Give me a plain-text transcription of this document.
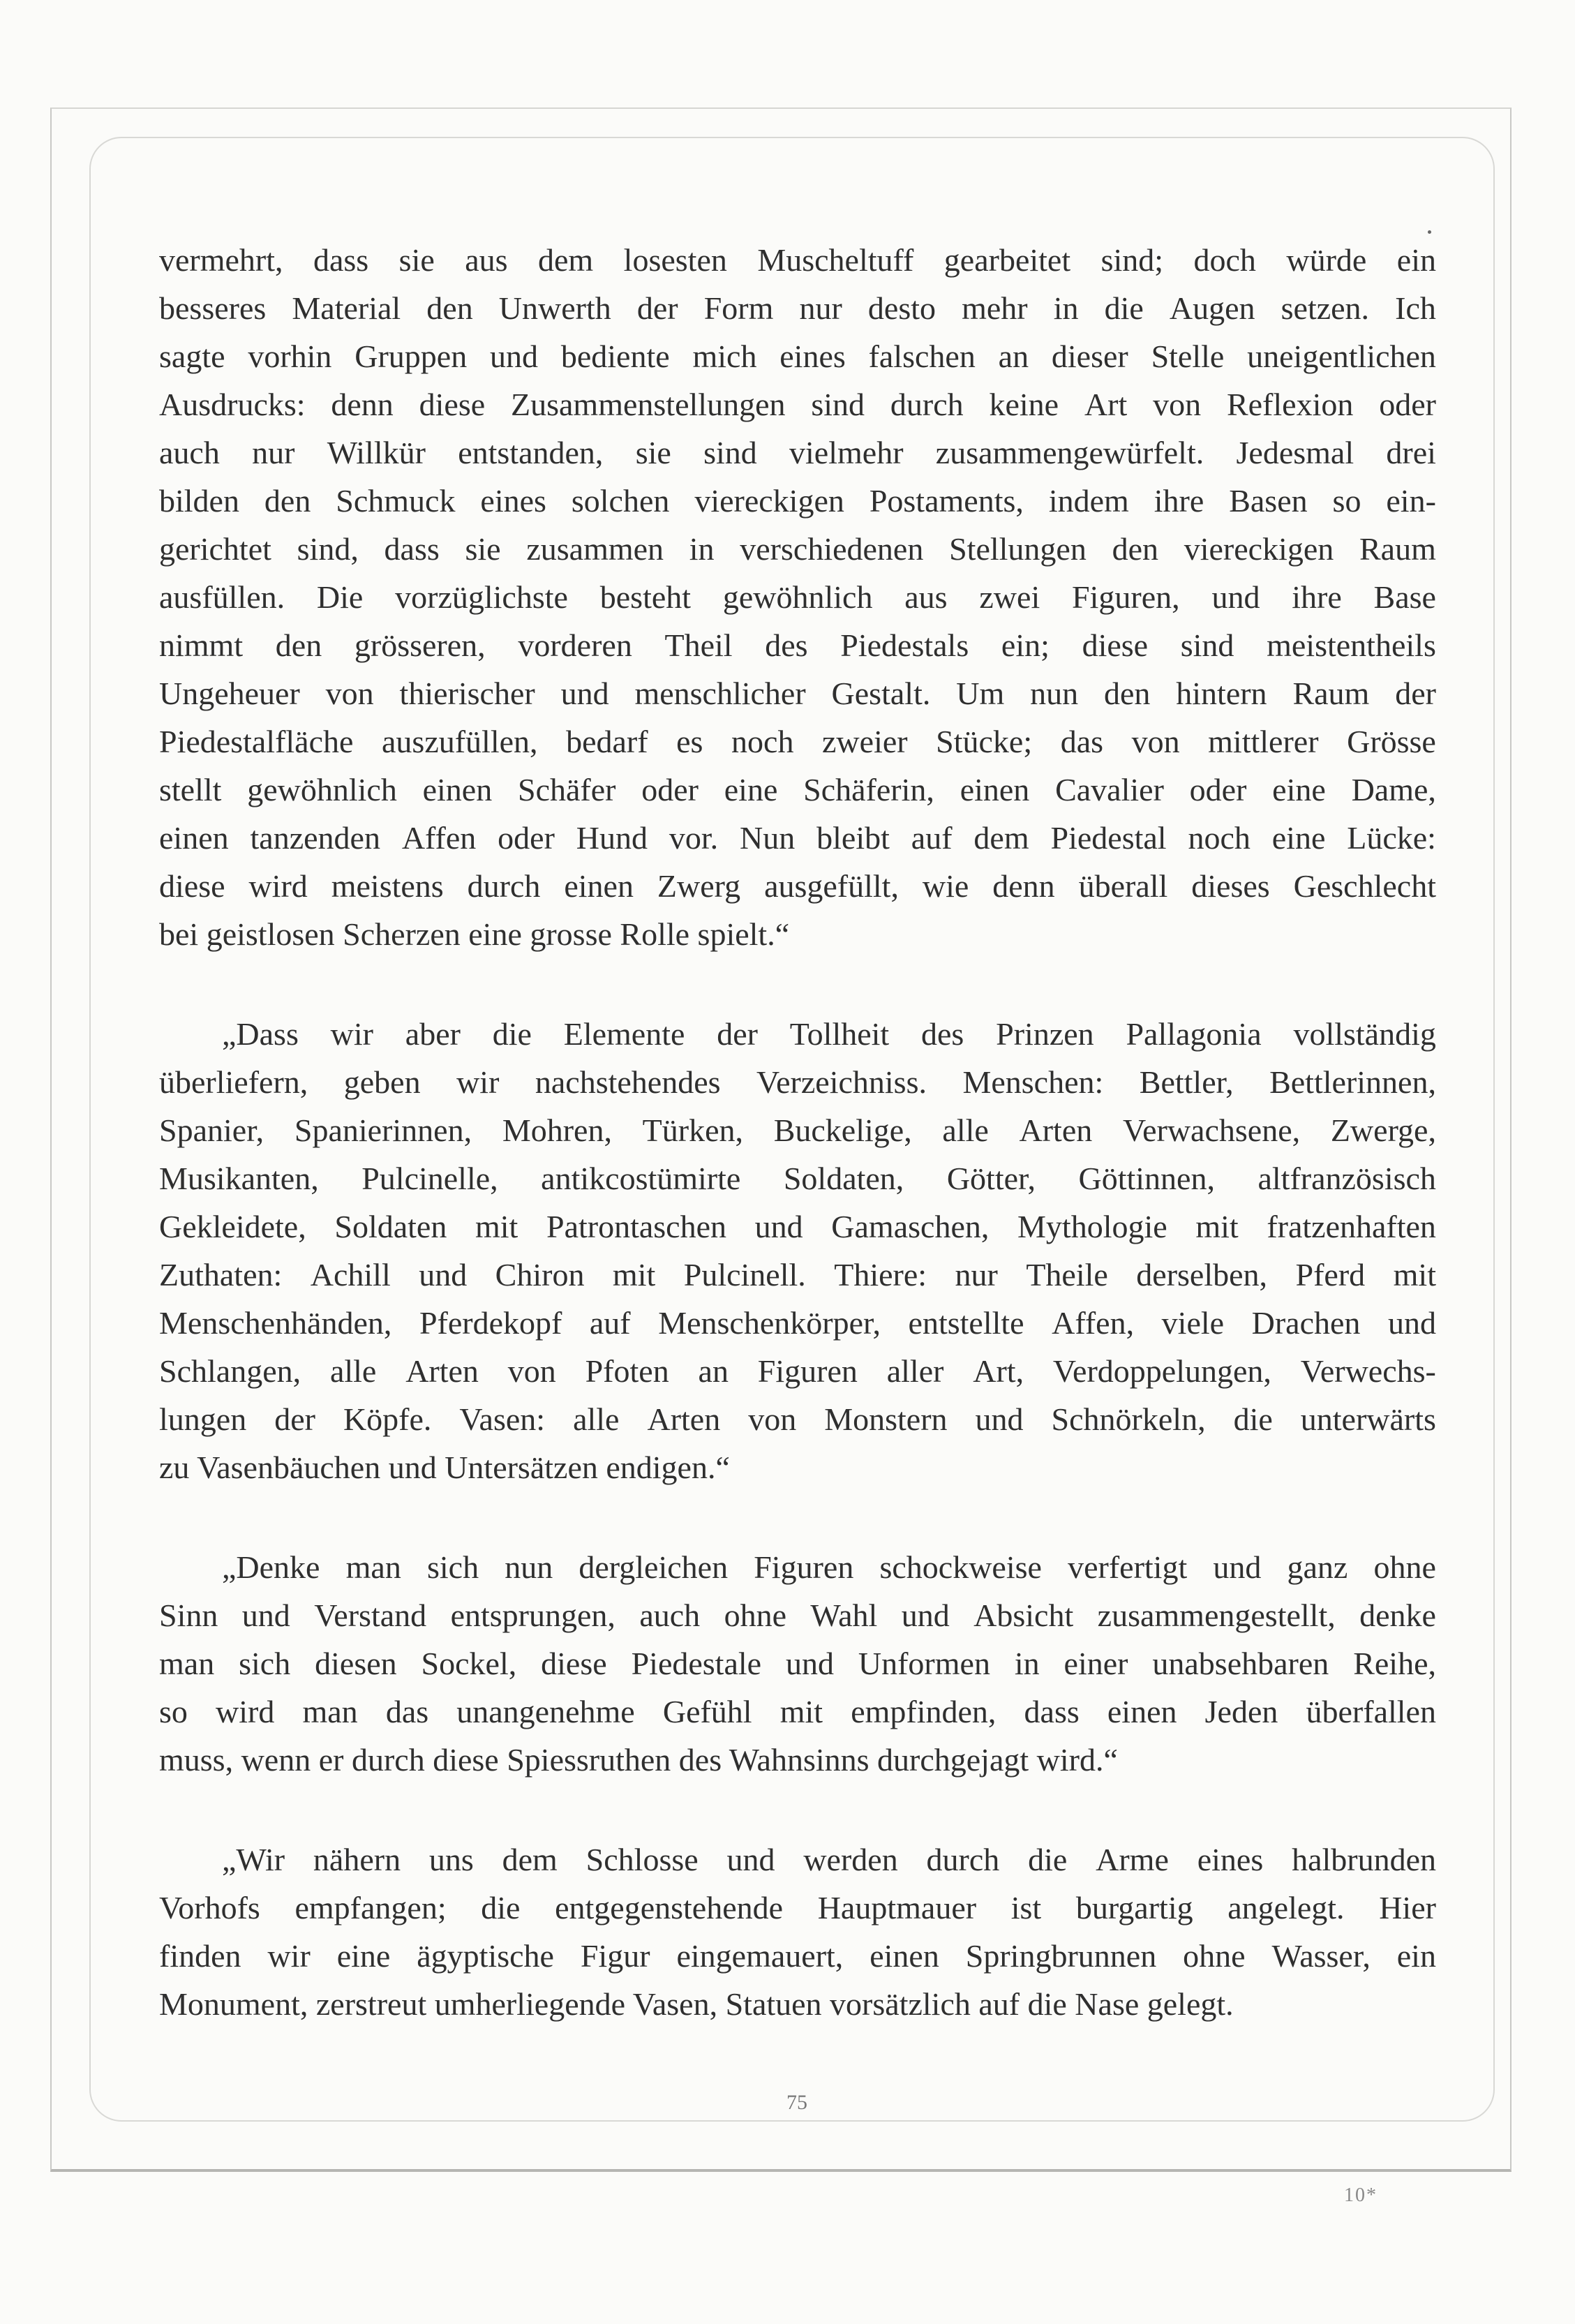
vermehrt, dass sie aus dem losesten Muscheltuff gearbeitet sind; doch würde ein
besseres Material den Unwerth der Form nur desto mehr in die Augen setzen. Ich
sagte vorhin Gruppen und bediente mich eines falschen an dieser Stelle uneigentlichen
Ausdrucks: denn diese Zusammenstellungen sind durch keine Art von Reflexion oder
auch nur Willkür entstanden, sie sind vielmehr zusammengewürfelt. Jedesmal drei
bilden den Schmuck eines solchen viereckigen Postaments, indem ihre Basen so ein-
gerichtet sind, dass sie zusammen in verschiedenen Stellungen den viereckigen Raum
ausfüllen. Die vorzüglichste besteht gewöhnlich aus zwei Figuren, und ihre Base
nimmt den grösseren, vorderen Theil des Piedestals ein; diese sind meistentheils
Ungeheuer von thierischer und menschlicher Gestalt. Um nun den hintern Raum der
Piedestalfläche auszufüllen, bedarf es noch zweier Stücke; das von mittlerer Grösse
stellt gewöhnlich einen Schäfer oder eine Schäferin, einen Cavalier oder eine Dame,
einen tanzenden Affen oder Hund vor. Nun bleibt auf dem Piedestal noch eine Lücke:
diese wird meistens durch einen Zwerg ausgefüllt, wie denn überall dieses Geschlecht
bei geistlosen Scherzen eine grosse Rolle spielt.“
„Dass wir aber die Elemente der Tollheit des Prinzen Pallagonia vollständig
überliefern, geben wir nachstehendes Verzeichniss. Menschen: Bettler, Bettlerinnen,
Spanier, Spanierinnen, Mohren, Türken, Buckelige, alle Arten Verwachsene, Zwerge,
Musikanten, Pulcinelle, antikcostümirte Soldaten, Götter, Göttinnen, altfranzösisch
Gekleidete, Soldaten mit Patrontaschen und Gamaschen, Mythologie mit fratzenhaften
Zuthaten: Achill und Chiron mit Pulcinell. Thiere: nur Theile derselben, Pferd mit
Menschenhänden, Pferdekopf auf Menschenkörper, entstellte Affen, viele Drachen und
Schlangen, alle Arten von Pfoten an Figuren aller Art, Verdoppelungen, Verwechs-
lungen der Köpfe. Vasen: alle Arten von Monstern und Schnörkeln, die unterwärts
zu Vasenbäuchen und Untersätzen endigen.“
„Denke man sich nun dergleichen Figuren schockweise verfertigt und ganz ohne
Sinn und Verstand entsprungen, auch ohne Wahl und Absicht zusammengestellt, denke
man sich diesen Sockel, diese Piedestale und Unformen in einer unabsehbaren Reihe,
so wird man das unangenehme Gefühl mit empfinden, dass einen Jeden überfallen
muss, wenn er durch diese Spiessruthen des Wahnsinns durchgejagt wird.“
„Wir nähern uns dem Schlosse und werden durch die Arme eines halbrunden
Vorhofs empfangen; die entgegenstehende Hauptmauer ist burgartig angelegt. Hier
finden wir eine ägyptische Figur eingemauert, einen Springbrunnen ohne Wasser, ein
Monument, zerstreut umherliegende Vasen, Statuen vorsätzlich auf die Nase gelegt.
75
10*
